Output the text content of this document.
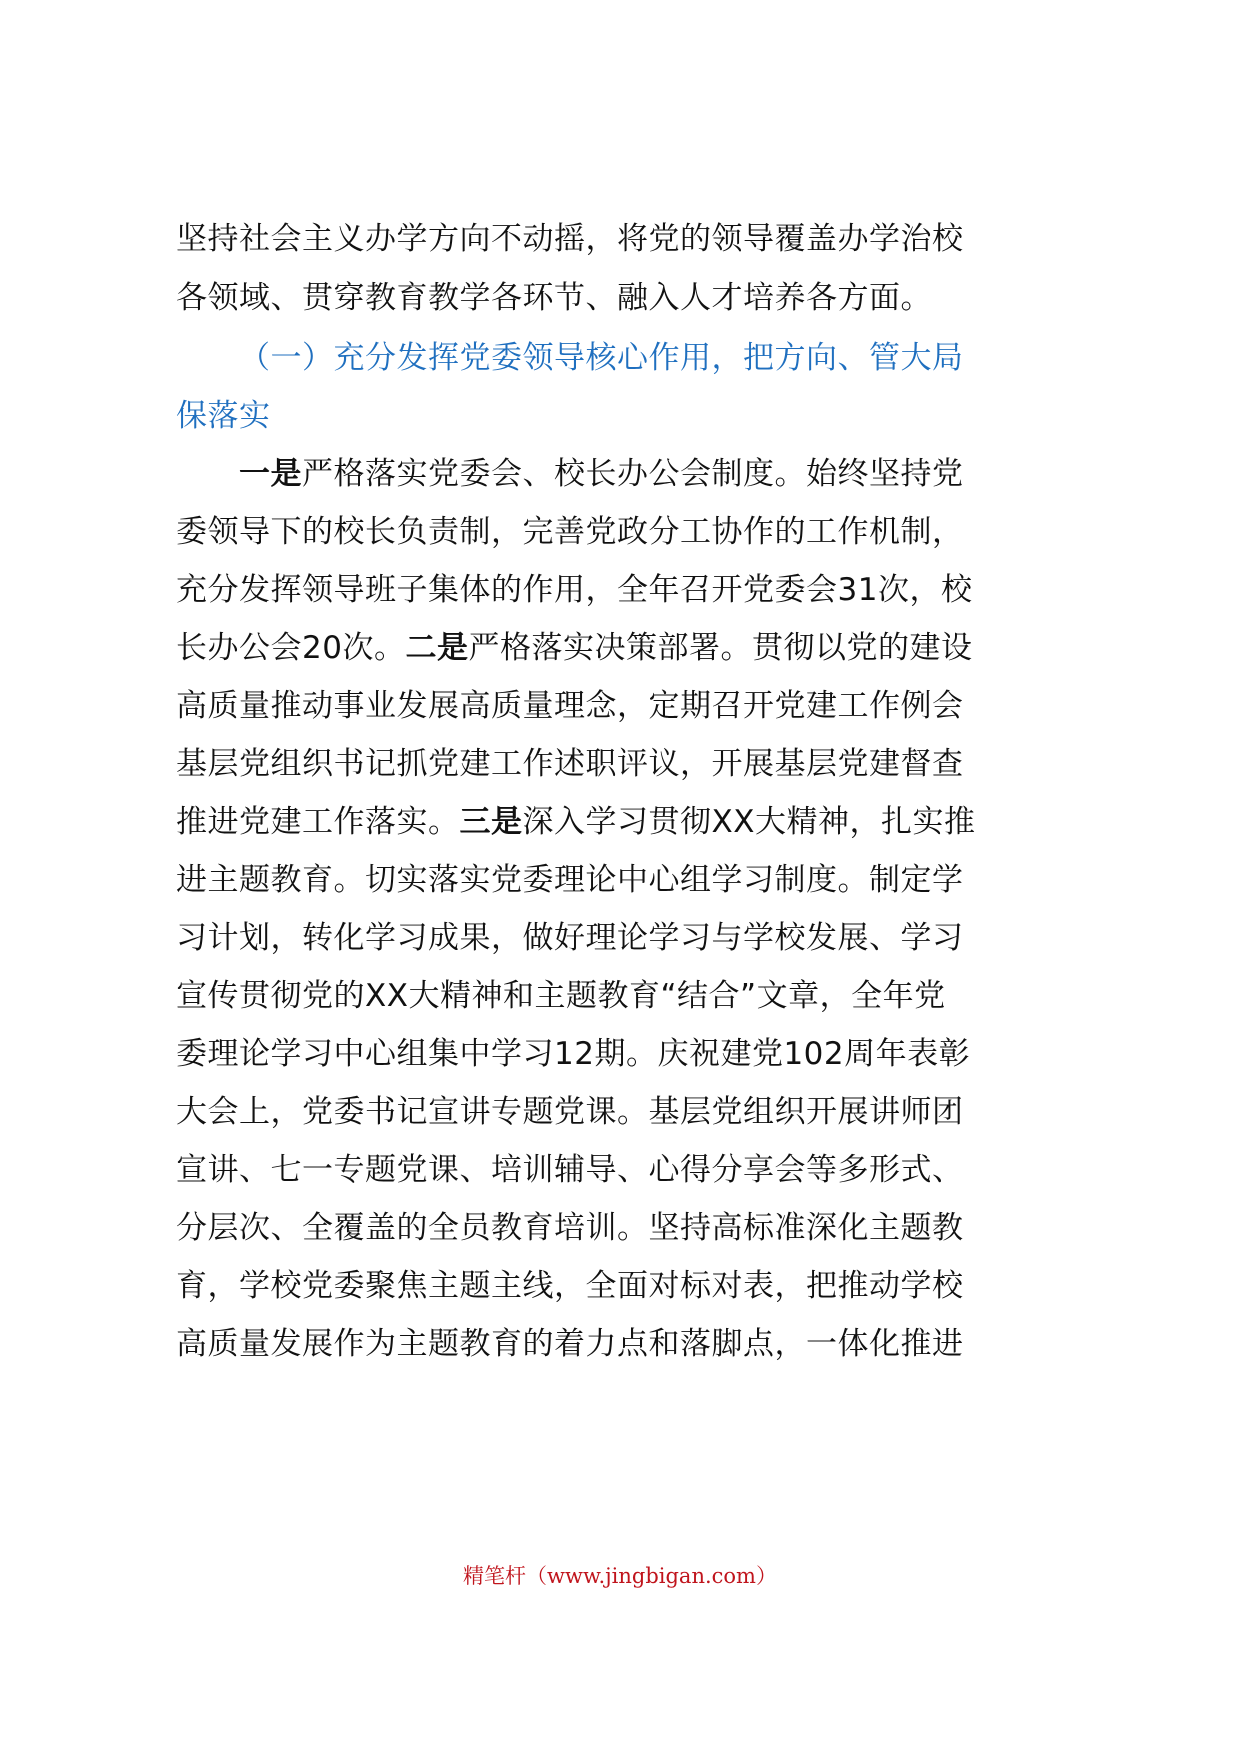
坚持社会主义办学方向不动摇，将党的领导覆盖办学治校
各领域、贯穿教育教学各环节、融入人才培养各方面。
（一）充分发挥党委领导核心作用，把方向、管大局
保落实
一是严格落实党委会、校长办公会制度。始终坚持党
委领导下的校长负责制，完善党政分工协作的工作机制，
充分发挥领导班子集体的作用，全年召开党委会31次，校
长办公会20次。二是严格落实决策部署。贯彻以党的建设
高质量推动事业发展高质量理念，定期召开党建工作例会
基层党组织书记抓党建工作述职评议，开展基层党建督查
推进党建工作落实。三是深入学习贯彻XX大精神，扎实推
进主题教育。切实落实党委理论中心组学习制度。制定学
习计划，转化学习成果，做好理论学习与学校发展、学习
宣传贯彻党的XX大精神和主题教育“结合”文章，全年党
委理论学习中心组集中学习12期。庆祝建党102周年表彰
大会上，党委书记宣讲专题党课。基层党组织开展讲师团
宣讲、七一专题党课、培训辅导、心得分享会等多形式、
分层次、全覆盖的全员教育培训。坚持高标准深化主题教
育，学校党委聚焦主题主线，全面对标对表，把推动学校
高质量发展作为主题教育的着力点和落脚点，一体化推进
精笔杆（www.jingbigan.com）
